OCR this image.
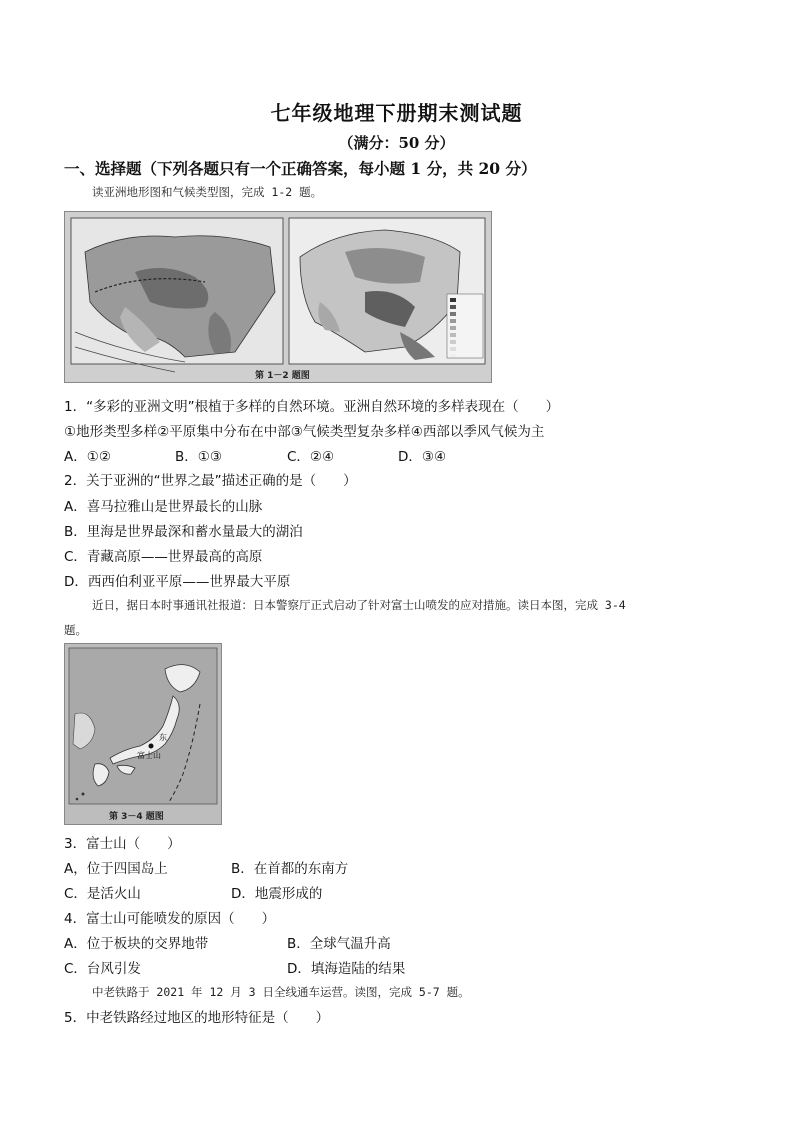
七年级地理下册期末测试题
（满分：50 分）
一、选择题（下列各题只有一个正确答案，每小题 1 分，共 20 分）
读亚洲地形图和气候类型图，完成 1-2 题。
第 1－2 题图
1．“多彩的亚洲文明”根植于多样的自然环境。亚洲自然环境的多样表现在（　　）
①地形类型多样②平原集中分布在中部③气候类型复杂多样④西部以季风气候为主
A．①②	B．①③	C．②④	D．③④
2．关于亚洲的“世界之最”描述正确的是（　　）
A．喜马拉雅山是世界最长的山脉
B．里海是世界最深和蓄水量最大的湖泊
C．青藏高原——世界最高的高原
D．西西伯利亚平原——世界最大平原
近日，据日本时事通讯社报道：日本警察厅正式启动了针对富士山喷发的应对措施。读日本图，完成 3-4
题。
东
富士山
第 3－4 题图
3．富士山（　　）
A，位于四国岛上	B．在首都的东南方
C．是活火山	D．地震形成的
4．富士山可能喷发的原因（　　）
A．位于板块的交界地带	B．全球气温升高
C．台风引发	D．填海造陆的结果
中老铁路于 2021 年 12 月 3 日全线通车运营。读图，完成 5-7 题。
5．中老铁路经过地区的地形特征是（　　）
